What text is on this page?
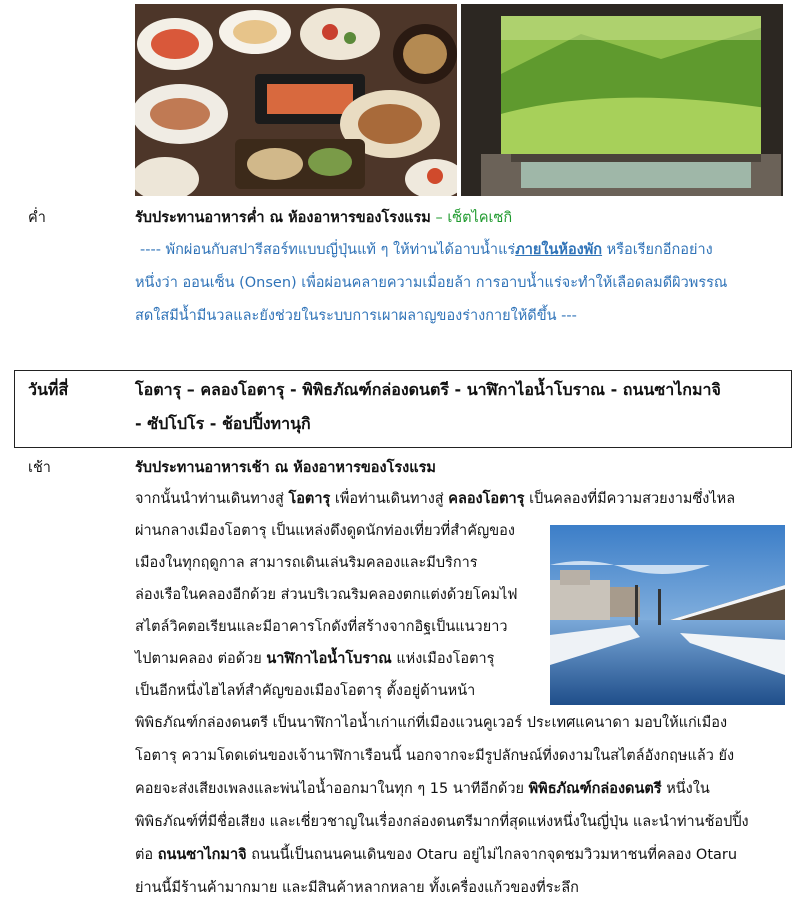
ค่ำ	รับประทานอาหารค่ำ ณ ห้องอาหารของโรงแรม – เซ็ตไคเซกิ
---- พักผ่อนกับสปารีสอร์ทแบบญี่ปุ่นแท้ ๆ ให้ท่านได้อาบน้ำแร่ภายในห้องพัก หรือเรียกอีกอย่าง
หนึ่งว่า ออนเซ็น (Onsen) เพื่อผ่อนคลายความเมื่อยล้า การอาบน้ำแร่จะทำให้เลือดลมดีผิวพรรณ
สดใสมีน้ำมีนวลและยังช่วยในระบบการเผาผลาญของร่างกายให้ดีขึ้น ---
วันที่สี่	โอตารุ – คลองโอตารุ - พิพิธภัณฑ์กล่องดนตรี - นาฬิกาไอน้ำโบราณ - ถนนซาไกมาจิ
- ซัปโปโร - ช้อปปิ้งทานุกิ
เช้า	รับประทานอาหารเช้า ณ ห้องอาหารของโรงแรม
จากนั้นนำท่านเดินทางสู่ โอตารุ เพื่อท่านเดินทางสู่ คลองโอตารุ เป็นคลองที่มีความสวยงามซึ่งไหล
ผ่านกลางเมืองโอตารุ เป็นแหล่งดึงดูดนักท่องเที่ยวที่สำคัญของ
เมืองในทุกฤดูกาล สามารถเดินเล่นริมคลองและมีบริการ
ล่องเรือในคลองอีกด้วย ส่วนบริเวณริมคลองตกแต่งด้วยโคมไฟ
สไตล์วิคตอเรียนและมีอาคารโกดังที่สร้างจากอิฐเป็นแนวยาว
ไปตามคลอง ต่อด้วย นาฬิกาไอน้ำโบราณ แห่งเมืองโอตารุ
เป็นอีกหนึ่งไฮไลท์สำคัญของเมืองโอตารุ ตั้งอยู่ด้านหน้า
พิพิธภัณฑ์กล่องดนตรี เป็นนาฬิกาไอน้ำเก่าแก่ที่เมืองแวนคูเวอร์ ประเทศแคนาดา มอบให้แก่เมือง
โอตารุ ความโดดเด่นของเจ้านาฬิกาเรือนนี้ นอกจากจะมีรูปลักษณ์ที่งดงามในสไตล์อังกฤษแล้ว ยัง
คอยจะส่งเสียงเพลงและพ่นไอน้ำออกมาในทุก ๆ 15 นาทีอีกด้วย พิพิธภัณฑ์กล่องดนตรี หนึ่งใน
พิพิธภัณฑ์ที่มีชื่อเสียง และเชี่ยวชาญในเรื่องกล่องดนตรีมากที่สุดแห่งหนึ่งในญี่ปุ่น และนำท่านช้อปปิ้ง
ต่อ ถนนซาไกมาจิ ถนนนี้เป็นถนนคนเดินของ Otaru อยู่ไม่ไกลจากจุดชมวิวมหาชนที่คลอง Otaru
ย่านนี้มีร้านค้ามากมาย และมีสินค้าหลากหลาย ทั้งเครื่องแก้วของที่ระลึก
